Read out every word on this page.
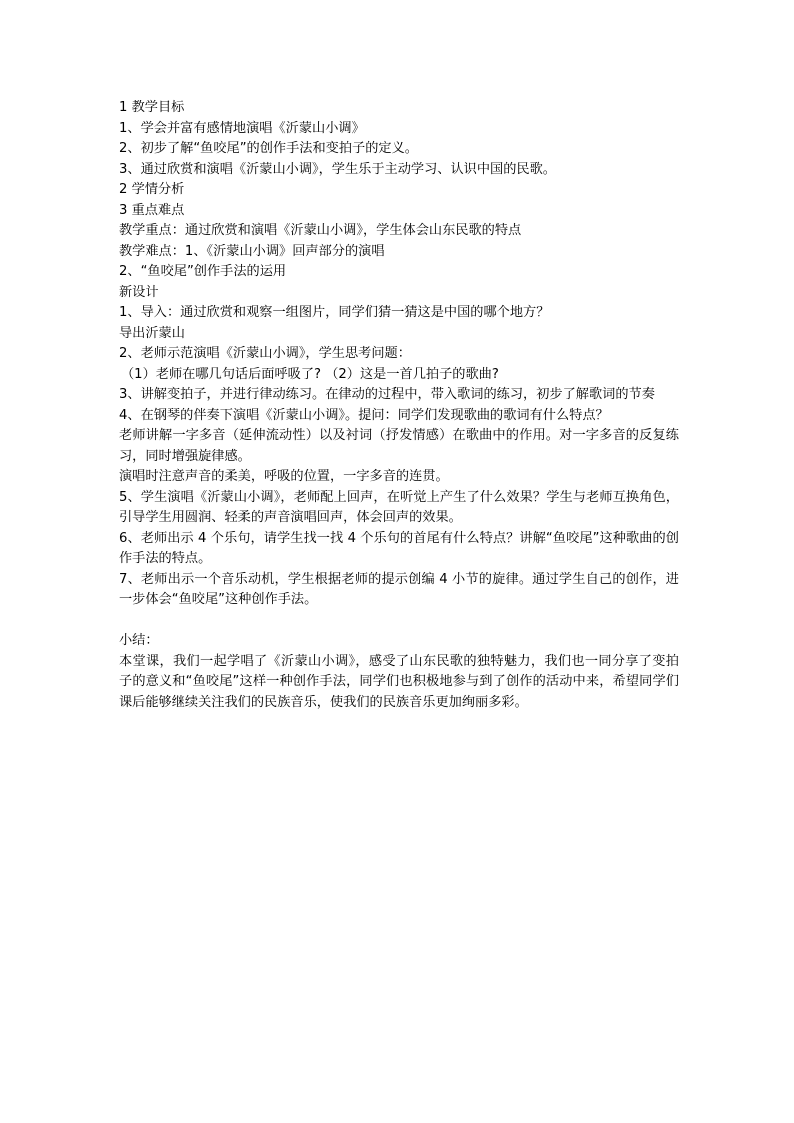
1 教学目标
1、学会并富有感情地演唱《沂蒙山小调》
2、初步了解“鱼咬尾”的创作手法和变拍子的定义。
3、通过欣赏和演唱《沂蒙山小调》，学生乐于主动学习、认识中国的民歌。
2 学情分析
3 重点难点
教学重点：通过欣赏和演唱《沂蒙山小调》，学生体会山东民歌的特点
教学难点：1、《沂蒙山小调》回声部分的演唱
2、“鱼咬尾”创作手法的运用
新设计
1、导入：通过欣赏和观察一组图片，同学们猜一猜这是中国的哪个地方？
导出沂蒙山
2、老师示范演唱《沂蒙山小调》，学生思考问题：
（1）老师在哪几句话后面呼吸了? （2）这是一首几拍子的歌曲?
3、讲解变拍子，并进行律动练习。在律动的过程中，带入歌词的练习，初步了解歌词的节奏
4、在钢琴的伴奏下演唱《沂蒙山小调》。提问：同学们发现歌曲的歌词有什么特点？
老师讲解一字多音（延伸流动性）以及衬词（抒发情感）在歌曲中的作用。对一字多音的反复练习，同时增强旋律感。
演唱时注意声音的柔美，呼吸的位置，一字多音的连贯。
5、学生演唱《沂蒙山小调》，老师配上回声，在听觉上产生了什么效果？学生与老师互换角色，引导学生用圆润、轻柔的声音演唱回声，体会回声的效果。
6、老师出示 4 个乐句，请学生找一找 4 个乐句的首尾有什么特点？讲解“鱼咬尾”这种歌曲的创作手法的特点。
7、老师出示一个音乐动机，学生根据老师的提示创编 4 小节的旋律。通过学生自己的创作，进一步体会“鱼咬尾”这种创作手法。
小结：
本堂课，我们一起学唱了《沂蒙山小调》，感受了山东民歌的独特魅力，我们也一同分享了变拍子的意义和“鱼咬尾”这样一种创作手法，同学们也积极地参与到了创作的活动中来，希望同学们课后能够继续关注我们的民族音乐，使我们的民族音乐更加绚丽多彩。
